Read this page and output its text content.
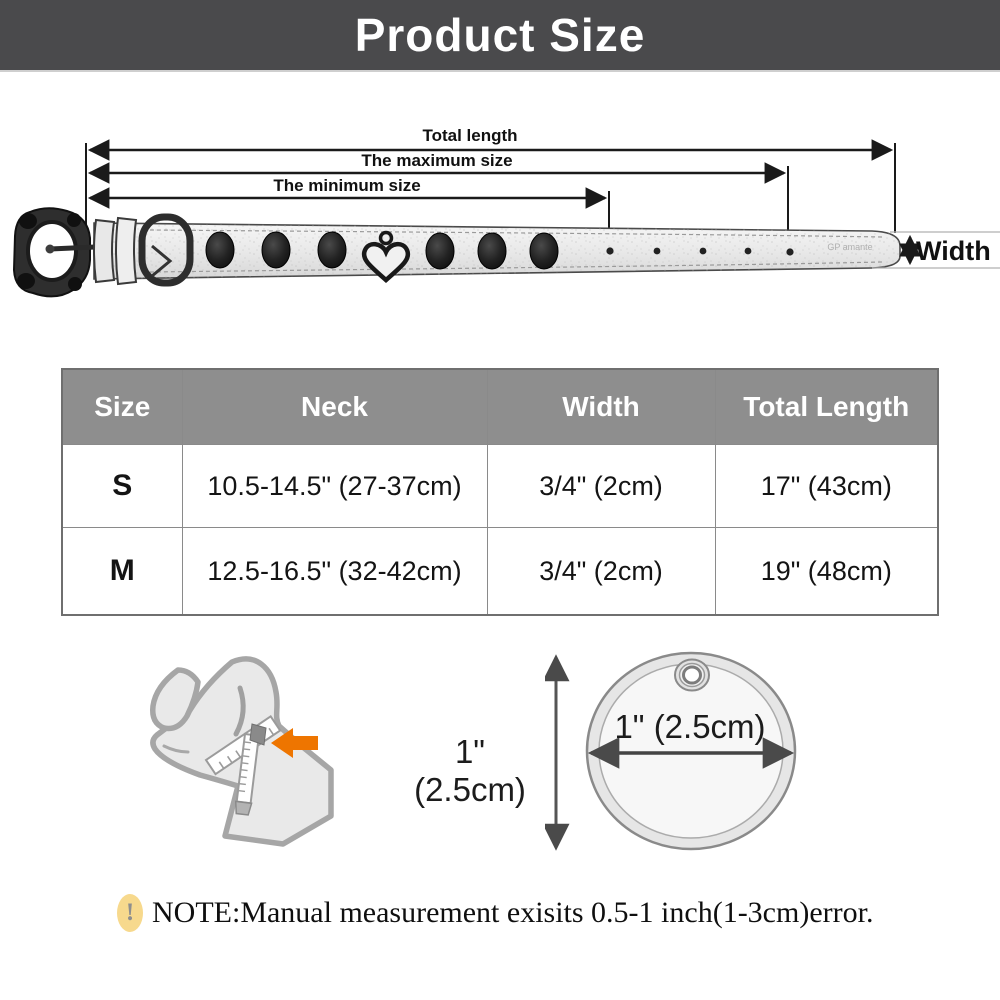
Product Size
GP amante
Total length
The maximum size
The minimum size
Width
Size	Neck	Width	Total Length
S	10.5-14.5" (27-37cm)	3/4" (2cm)	17" (43cm)
M	12.5-16.5" (32-42cm)	3/4" (2cm)	19" (48cm)
1" (2.5cm)
1" (2.5cm)
! NOTE:Manual measurement exisits 0.5-1 inch(1-3cm)error.
